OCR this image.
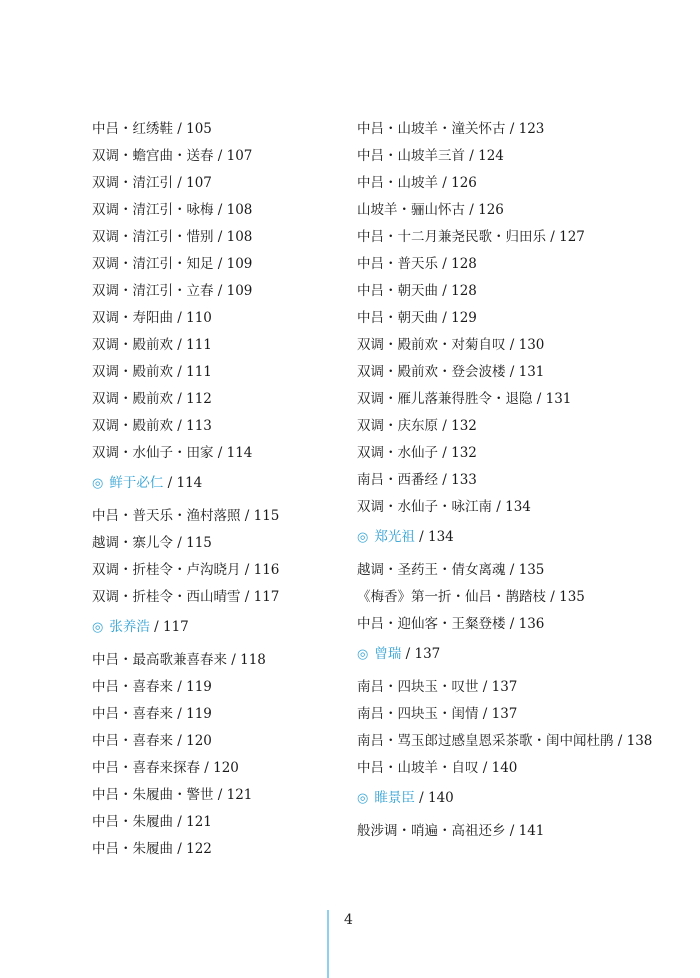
中吕・红绣鞋 / 105
双调・蟾宫曲・送春 / 107
双调・清江引 / 107
双调・清江引・咏梅 / 108
双调・清江引・惜别 / 108
双调・清江引・知足 / 109
双调・清江引・立春 / 109
双调・寿阳曲 / 110
双调・殿前欢 / 111
双调・殿前欢 / 111
双调・殿前欢 / 112
双调・殿前欢 / 113
双调・水仙子・田家 / 114
◎ 鲜于必仁 / 114
中吕・普天乐・渔村落照 / 115
越调・寨儿令 / 115
双调・折桂令・卢沟晓月 / 116
双调・折桂令・西山晴雪 / 117
◎ 张养浩 / 117
中吕・最高歌兼喜春来 / 118
中吕・喜春来 / 119
中吕・喜春来 / 119
中吕・喜春来 / 120
中吕・喜春来探春 / 120
中吕・朱履曲・警世 / 121
中吕・朱履曲 / 121
中吕・朱履曲 / 122
中吕・山坡羊・潼关怀古 / 123
中吕・山坡羊三首 / 124
中吕・山坡羊 / 126
山坡羊・骊山怀古 / 126
中吕・十二月兼尧民歌・归田乐 / 127
中吕・普天乐 / 128
中吕・朝天曲 / 128
中吕・朝天曲 / 129
双调・殿前欢・对菊自叹 / 130
双调・殿前欢・登会波楼 / 131
双调・雁儿落兼得胜令・退隐 / 131
双调・庆东原 / 132
双调・水仙子 / 132
南吕・西番经 / 133
双调・水仙子・咏江南 / 134
◎ 郑光祖 / 134
越调・圣药王・倩女离魂 / 135
《梅香》第一折・仙吕・鹊踏枝 / 135
中吕・迎仙客・王粲登楼 / 136
◎ 曾瑞 / 137
南吕・四块玉・叹世 / 137
南吕・四块玉・闺情 / 137
南吕・骂玉郎过感皇恩采茶歌・闺中闻杜鹃 / 138
中吕・山坡羊・自叹 / 140
◎ 睢景臣 / 140
般涉调・哨遍・高祖还乡 / 141
4
